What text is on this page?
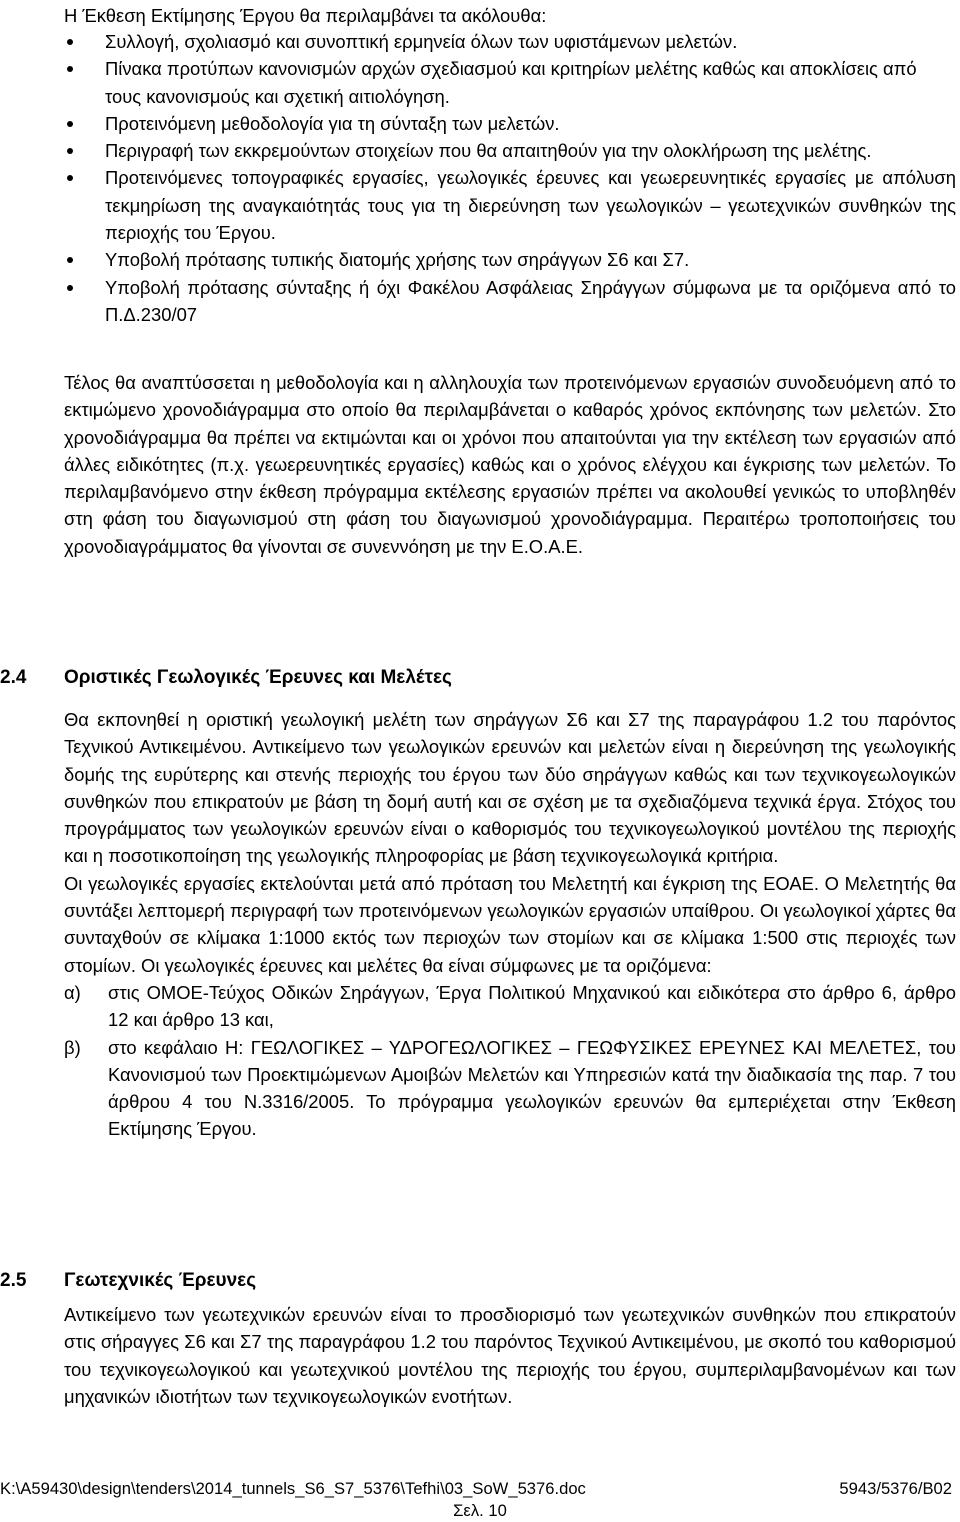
Η Έκθεση Εκτίμησης Έργου θα περιλαμβάνει τα ακόλουθα:
Συλλογή, σχολιασμό και συνοπτική ερμηνεία όλων των υφιστάμενων μελετών.
Πίνακα προτύπων κανονισμών αρχών σχεδιασμού και κριτηρίων μελέτης καθώς και αποκλίσεις από τους κανονισμούς και σχετική αιτιολόγηση.
Προτεινόμενη μεθοδολογία για τη σύνταξη των μελετών.
Περιγραφή των εκκρεμούντων στοιχείων που θα απαιτηθούν για την ολοκλήρωση της μελέτης.
Προτεινόμενες τοπογραφικές εργασίες, γεωλογικές έρευνες και γεωερευνητικές εργασίες με απόλυση τεκμηρίωση της αναγκαιότητάς τους για τη διερεύνηση των γεωλογικών – γεωτεχνικών συνθηκών της περιοχής του Έργου.
Υποβολή πρότασης τυπικής διατομής χρήσης των σηράγγων Σ6 και Σ7.
Υποβολή πρότασης σύνταξης ή όχι Φακέλου Ασφάλειας Σηράγγων σύμφωνα με τα οριζόμενα από το Π.Δ.230/07
Τέλος θα αναπτύσσεται η μεθοδολογία και η αλληλουχία των προτεινόμενων εργασιών συνοδευόμενη από το εκτιμώμενο χρονοδιάγραμμα στο οποίο θα περιλαμβάνεται ο καθαρός χρόνος εκπόνησης των μελετών. Στο χρονοδιάγραμμα θα πρέπει να εκτιμώνται και οι χρόνοι που απαιτούνται για την εκτέλεση των εργασιών από άλλες ειδικότητες (π.χ. γεωερευνητικές εργασίες) καθώς και ο χρόνος ελέγχου και έγκρισης των μελετών. Το περιλαμβανόμενο στην έκθεση πρόγραμμα εκτέλεσης εργασιών πρέπει να ακολουθεί γενικώς το υποβληθέν στη φάση του διαγωνισμού στη φάση του διαγωνισμού χρονοδιάγραμμα. Περαιτέρω τροποποιήσεις του χρονοδιαγράμματος θα γίνονται σε συνεννόηση με την Ε.Ο.Α.Ε.
2.4 Οριστικές Γεωλογικές Έρευνες και Μελέτες
Θα εκπονηθεί η οριστική γεωλογική μελέτη των σηράγγων Σ6 και Σ7 της παραγράφου 1.2 του παρόντος Τεχνικού Αντικειμένου. Αντικείμενο των γεωλογικών ερευνών και μελετών είναι η διερεύνηση της γεωλογικής δομής της ευρύτερης και στενής περιοχής του έργου των δύο σηράγγων καθώς και των τεχνικογεωλογικών συνθηκών που επικρατούν με βάση τη δομή αυτή και σε σχέση με τα σχεδιαζόμενα τεχνικά έργα. Στόχος του προγράμματος των γεωλογικών ερευνών είναι ο καθορισμός του τεχνικογεωλογικού μοντέλου της περιοχής και η ποσοτικοποίηση της γεωλογικής πληροφορίας με βάση τεχνικογεωλογικά κριτήρια.
Οι γεωλογικές εργασίες εκτελούνται μετά από πρόταση του Μελετητή και έγκριση της ΕΟΑΕ. Ο Μελετητής θα συντάξει λεπτομερή περιγραφή των προτεινόμενων γεωλογικών εργασιών υπαίθρου. Οι γεωλογικοί χάρτες θα συνταχθούν σε κλίμακα 1:1000 εκτός των περιοχών των στομίων και σε κλίμακα 1:500 στις περιοχές των στομίων. Οι γεωλογικές έρευνες και μελέτες θα είναι σύμφωνες με τα οριζόμενα:
α) στις ΟΜΟΕ-Τεύχος Οδικών Σηράγγων, Έργα Πολιτικού Μηχανικού και ειδικότερα στο άρθρο 6, άρθρο 12 και άρθρο 13 και,
β) στο κεφάλαιο Η: ΓΕΩΛΟΓΙΚΕΣ – ΥΔΡΟΓΕΩΛΟΓΙΚΕΣ – ΓΕΩΦΥΣΙΚΕΣ ΕΡΕΥΝΕΣ ΚΑΙ ΜΕΛΕΤΕΣ, του Κανονισμού των Προεκτιμώμενων Αμοιβών Μελετών και Υπηρεσιών κατά την διαδικασία της παρ. 7 του άρθρου 4 του Ν.3316/2005. Το πρόγραμμα γεωλογικών ερευνών θα εμπεριέχεται στην Έκθεση Εκτίμησης Έργου.
2.5 Γεωτεχνικές Έρευνες
Αντικείμενο των γεωτεχνικών ερευνών είναι το προσδιορισμό των γεωτεχνικών συνθηκών που επικρατούν στις σήραγγες Σ6 και Σ7 της παραγράφου 1.2 του παρόντος Τεχνικού Αντικειμένου, με σκοπό του καθορισμού του τεχνικογεωλογικού και γεωτεχνικού μοντέλου της περιοχής του έργου, συμπεριλαμβανομένων και των μηχανικών ιδιοτήτων των τεχνικογεωλογικών ενοτήτων.
K:\A59430\design\tenders\2014_tunnels_S6_S7_5376\Tefhi\03_SoW_5376.doc	5943/5376/B02
Σελ. 10
